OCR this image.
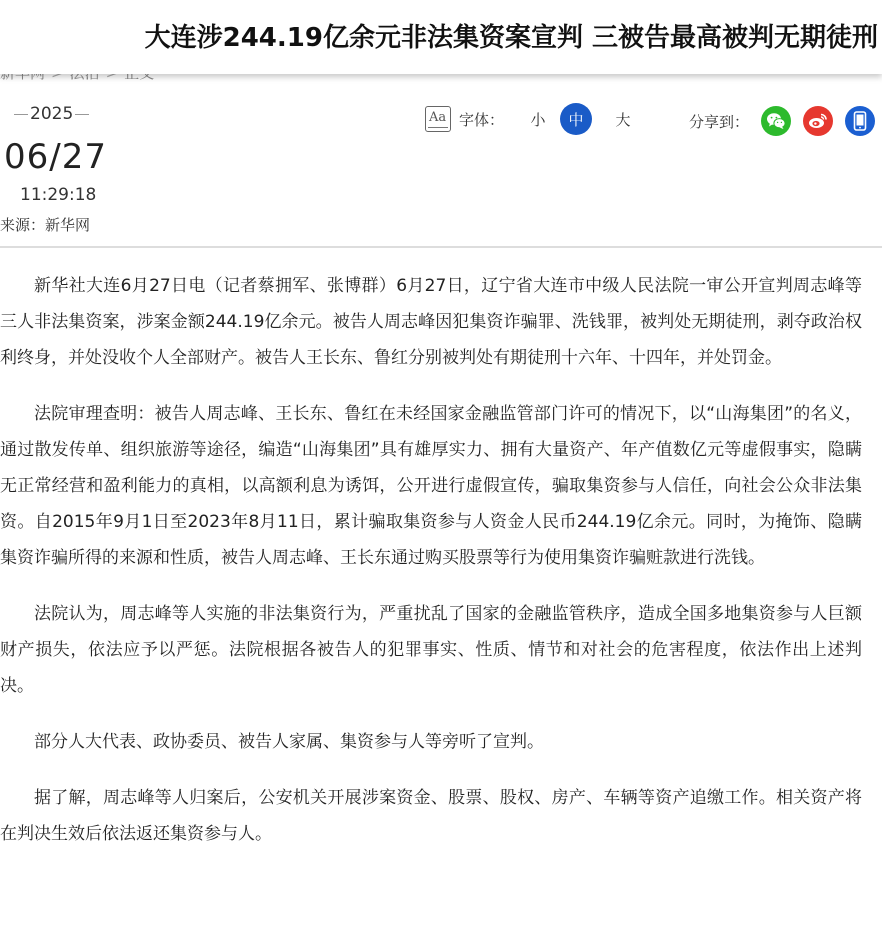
大连涉244.19亿余元非法集资案宣判 三被告最高被判无期徒刑
2025
06/27
11:29:18
来源：新华网
Aa 字体：	小	中	大	分享到：

新华社大连6月27日电（记者蔡拥军、张博群）6月27日，辽宁省大连市中级人民法院一审公开宣判周志峰等三人非法集资案，涉案金额244.19亿余元。被告人周志峰因犯集资诈骗罪、洗钱罪，被判处无期徒刑，剥夺政治权利终身，并处没收个人全部财产。被告人王长东、鲁红分别被判处有期徒刑十六年、十四年，并处罚金。

法院审理查明：被告人周志峰、王长东、鲁红在未经国家金融监管部门许可的情况下，以“山海集团”的名义，通过散发传单、组织旅游等途径，编造“山海集团”具有雄厚实力、拥有大量资产、年产值数亿元等虚假事实，隐瞒无正常经营和盈利能力的真相，以高额利息为诱饵，公开进行虚假宣传，骗取集资参与人信任，向社会公众非法集资。自2015年9月1日至2023年8月11日，累计骗取集资参与人资金人民币244.19亿余元。同时，为掩饰、隐瞒集资诈骗所得的来源和性质，被告人周志峰、王长东通过购买股票等行为使用集资诈骗赃款进行洗钱。

法院认为，周志峰等人实施的非法集资行为，严重扰乱了国家的金融监管秩序，造成全国多地集资参与人巨额财产损失，依法应予以严惩。法院根据各被告人的犯罪事实、性质、情节和对社会的危害程度，依法作出上述判决。

部分人大代表、政协委员、被告人家属、集资参与人等旁听了宣判。

据了解，周志峰等人归案后，公安机关开展涉案资金、股票、股权、房产、车辆等资产追缴工作。相关资产将在判决生效后依法返还集资参与人。
